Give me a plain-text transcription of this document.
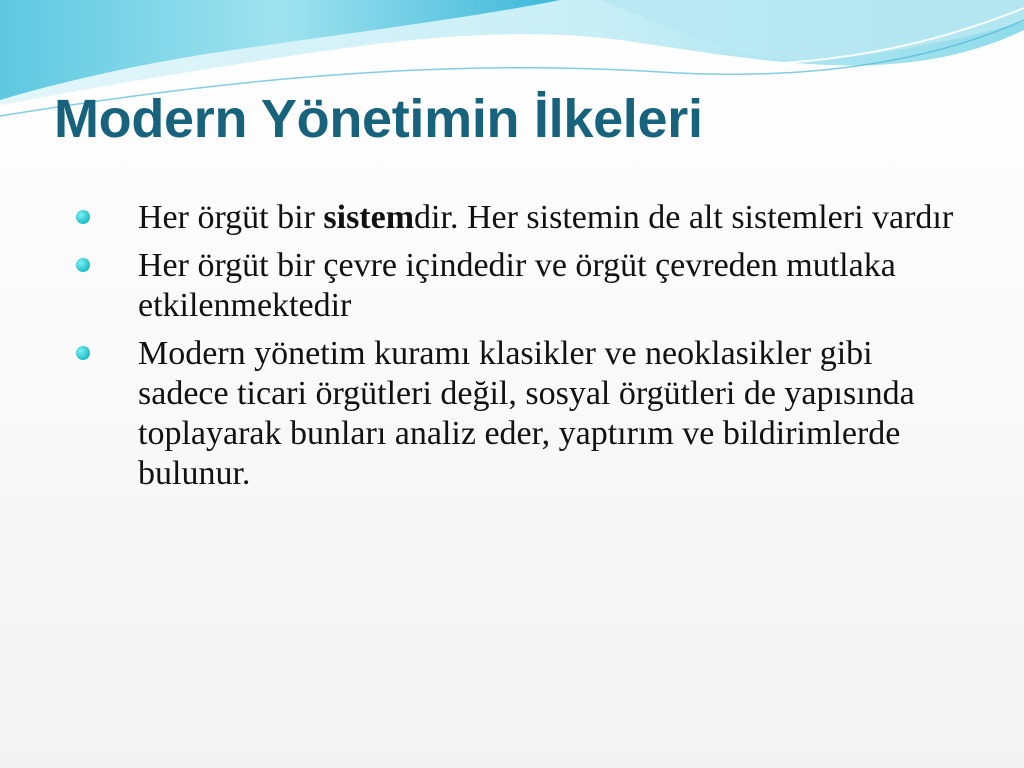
Modern Yönetimin İlkeleri
Her örgüt bir sistemdir. Her sistemin de alt sistemleri vardır
Her örgüt bir çevre içindedir ve örgüt çevreden mutlaka etkilenmektedir
Modern yönetim kuramı klasikler ve neoklasikler gibi sadece ticari örgütleri değil, sosyal örgütleri de yapısında toplayarak bunları analiz eder, yaptırım ve bildirimlerde bulunur.
